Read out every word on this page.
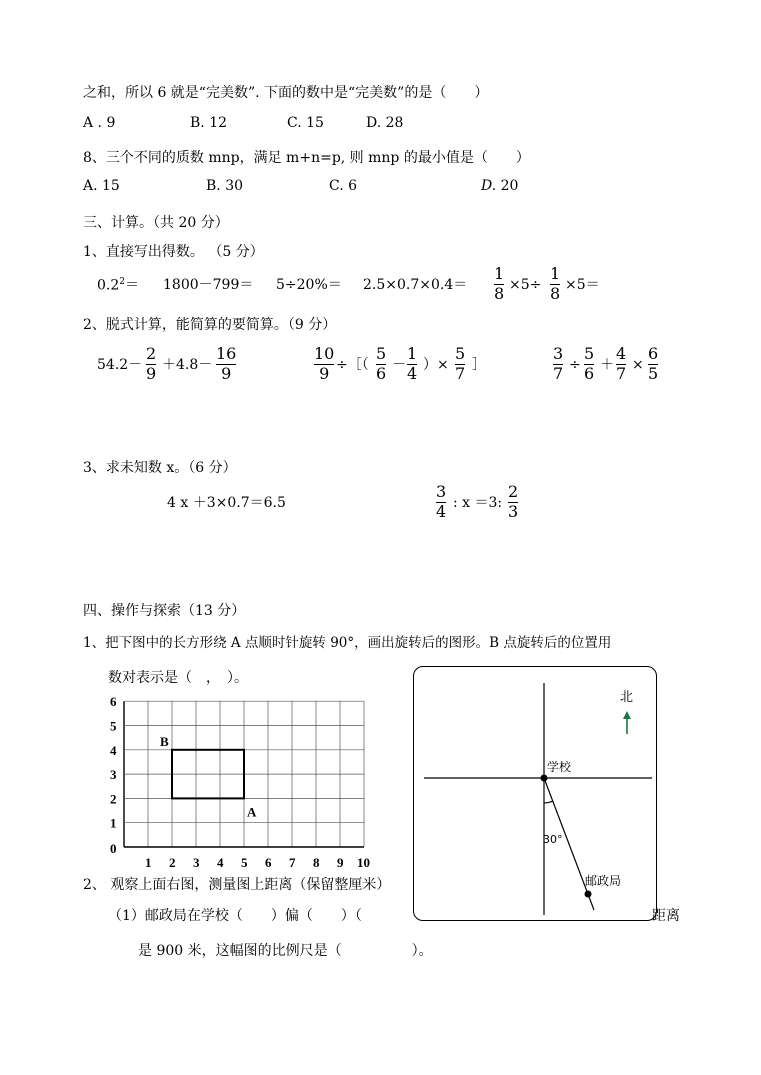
之和，所以 6 就是“完美数”. 下面的数中是“完美数”的是（　　）
A . 9	B. 12	C. 15	D. 28
8、三个不同的质数 mnp，满足 m+n=p, 则 mnp 的最小值是（　　）
A. 15	B. 30	C. 6	D. 20
三、计算。（共 20 分）
1、直接写出得数。 （5 分）
$0.2^2= 1800-799= 5\div 20\%= 2.5\times 0.7\times 0.4=$
1
8 ×5÷
1
8 ×5＝
2、脱式计算，能简算的要简算。（9 分）
54.2－
2
9 ＋4.8－
16
9
10
9 ÷［（
5
6 －
1
4 ）×
5
7 ］
3
7 ÷
5
6 ＋
4
7 ×
6
5
3、求未知数 x。（6 分）
4 x ＋3×0.7＝6.5
3
4 : x ＝3:
2
3
四、操作与探索（13 分）
1、把下图中的长方形绕 A 点顺时针旋转 90°，画出旋转后的图形。B 点旋转后的位置用
数对表示是（　，　）。
0
1 2 3 4 5 6 7 8 9 10
1
2
3
4
5
6
B
A
北
学校
30°
邮政局
2、 观察上面右图，测量图上距离（保留整厘米）
（1）邮政局在学校（　　）偏（　　）（	距离
是 900 米，这幅图的比例尺是（　　　　　）。
